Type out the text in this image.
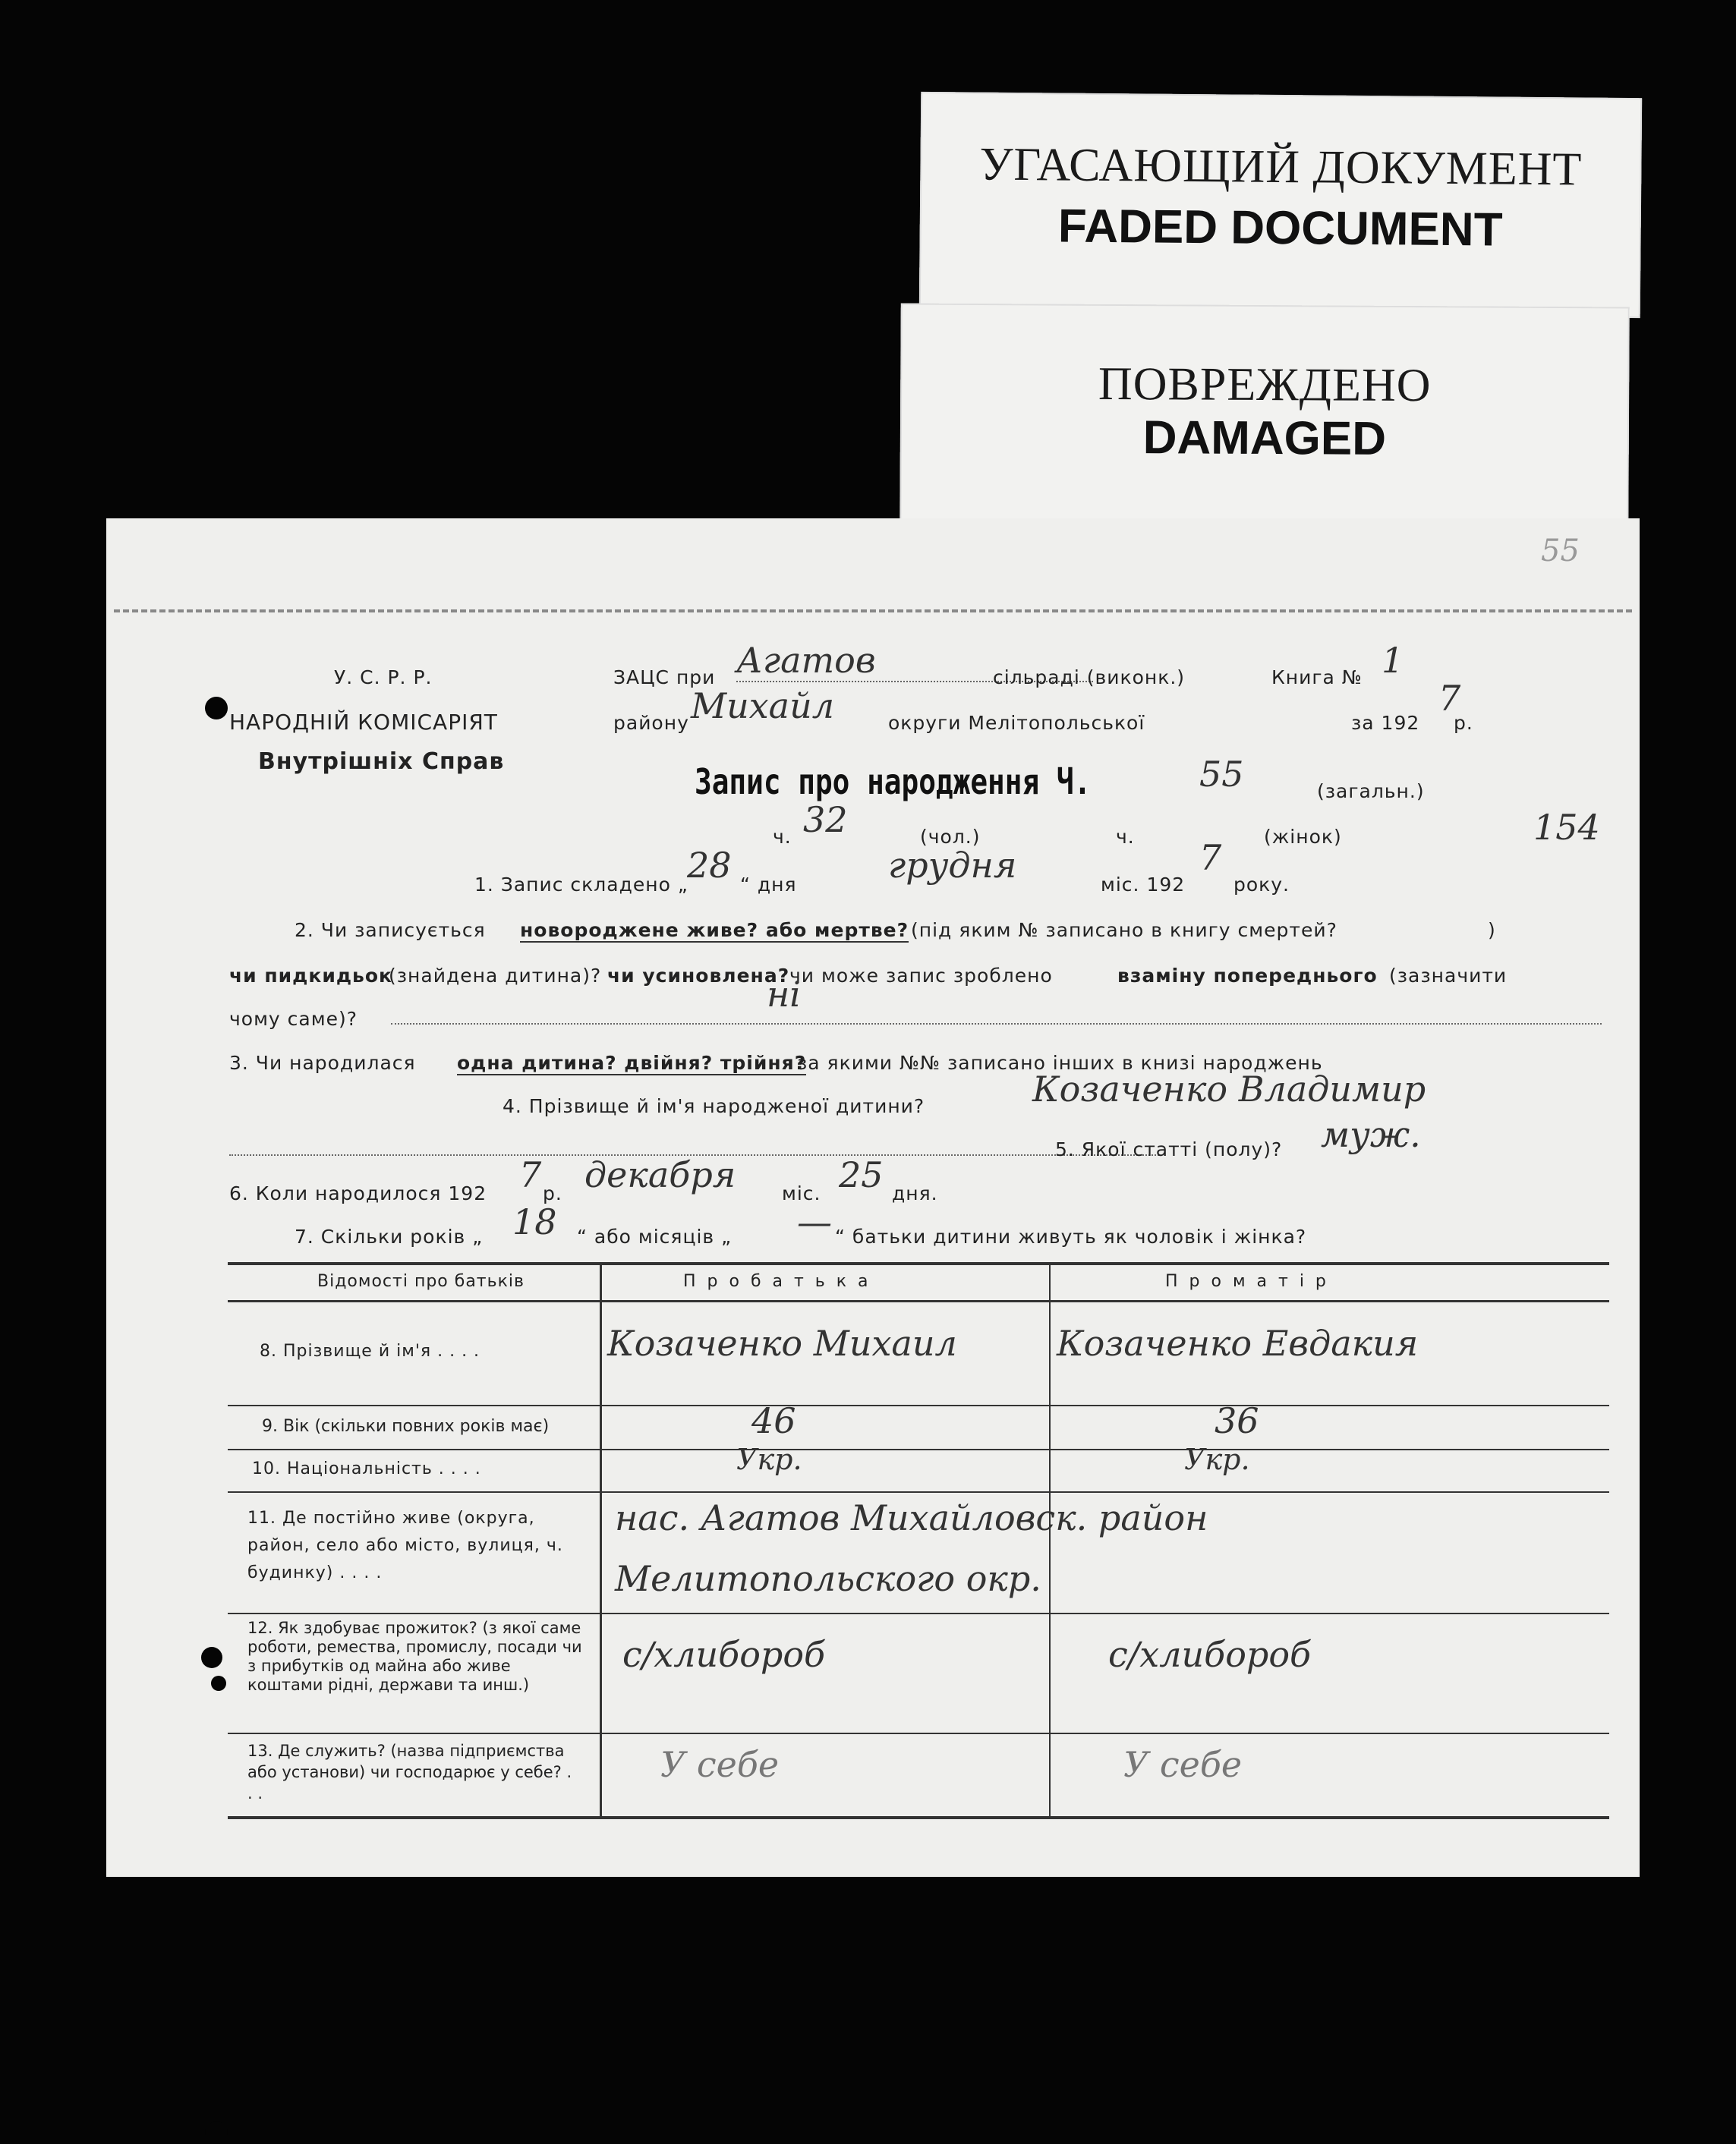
УГАСАЮЩИЙ ДОКУМЕНТ
FADED DOCUMENT
ПОВРЕЖДЕНО
DAMAGED
55
154
У. С. Р. Р.
НАРОДНІЙ КОМІСАРІЯТ
Внутрішніх Справ
ЗАЦС при Агатов	сільраді (виконк.)	Книга № 1
району Михайл	округи Мелітопольської	за 192
7
р.
Запис про народження Ч.	55	(загальн.)
ч. 32	(чол.)	ч.	(жінок)
1. Запис складено „
28 “ дня	грудня	міс. 192
7
року.
2. Чи записується новороджене живе? або мертве? (під яким № записано в книгу смертей?	)
чи пидкидьок
(знайдена дитина)? чи усиновлена? чи може запис зроблено	взаміну попереднього (зазначити
чому саме)?
ні
3. Чи народилася одна дитина? двійня? трійня?
за якими №№ записано інших в книзі народжень
4. Прізвище й ім'я народженої дитини?	Козаченко Владимир
5. Якої статті (полу)? муж.
6. Коли народилося 192 7 р. декабря міс. 25 дня.
7. Скільки років „ 18 “ або місяців „ — “ батьки дитини живуть як чоловік і жінка?
Відомості про батьків	П р о б а т ь к а	П р о м а т і р
8. Прізвище й ім'я . . . .	Козаченко Михаил	Козаченко Евдакия
9. Вік (скільки повних років має)	46	36
10. Національність . . . .	Укр.	Укр.
11. Де постійно живе (округа, район, село або місто, вулиця, ч. будинку) . . . .
нас. Агатов Михайловск. район
Мелитопольского окр.
12. Як здобуває прожиток? (з якої саме роботи, ремества, промислу, посади чи з прибутків од майна або живе коштами рідні, держави та инш.)
с/хлибороб	с/хлибороб
13. Де служить? (назва підприємства або установи) чи господарює у себе? . . .
У себе	У себе
